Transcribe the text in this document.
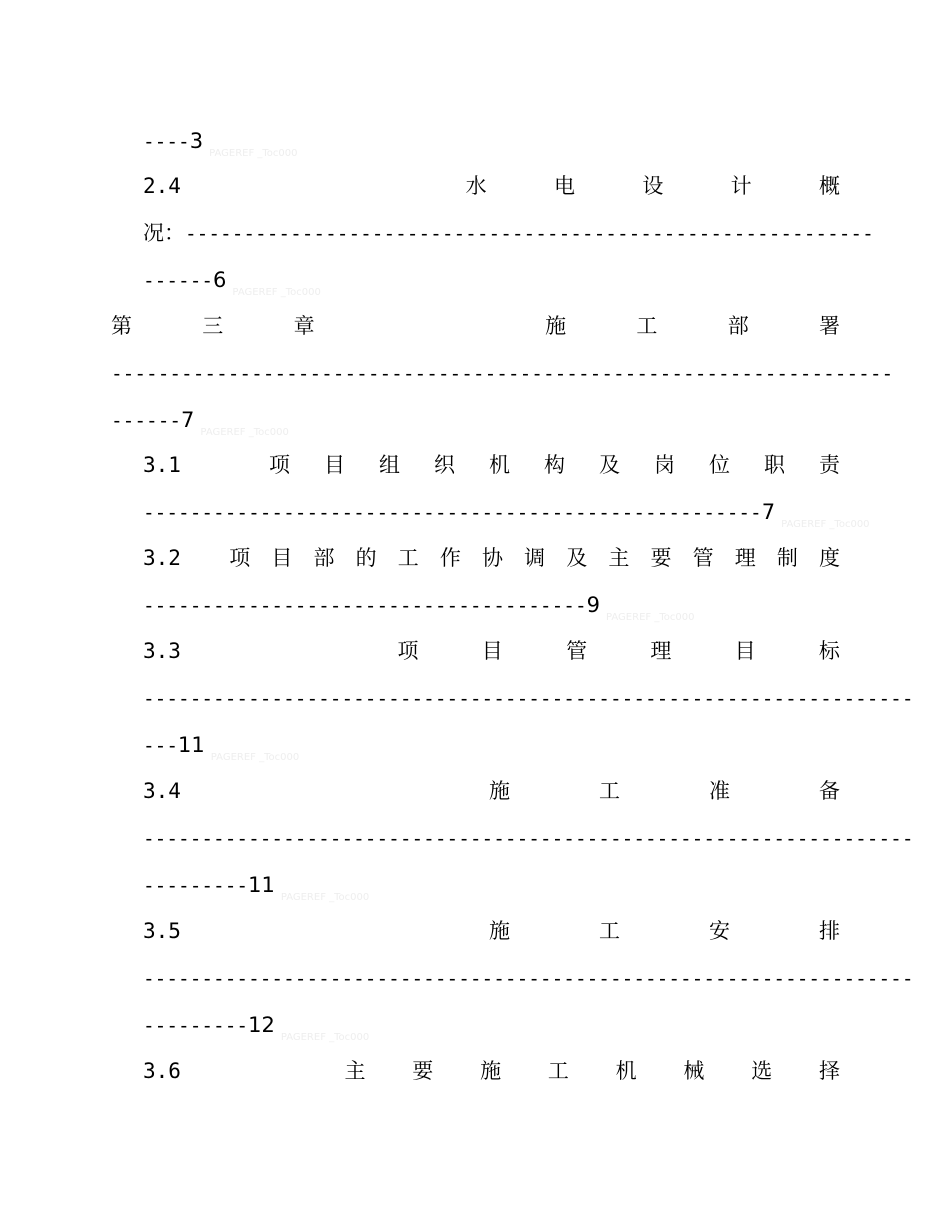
$----3_{PAGEREF \_Toc000}$
2.4	水	电	设	计	概
况：-----------------------------------------------------------
$------6_{PAGEREF \_Toc000}$
第	三	章	施	工	部	署
-------------------------------------------------------------------
$------7_{PAGEREF \_Toc000}$
3.1	项 目 组 织 机 构 及 岗 位 职 责
$-----------------------------------------------------7_{PAGEREF \_Toc000}$
3.2 项 目 部 的 工 作 协 调 及 主 要 管 理 制 度
$--------------------------------------9_{PAGEREF \_Toc000}$
3.3	项	目	管	理	目	标
------------------------------------------------------------------
$---11_{PAGEREF \_Toc000}$
3.4	施	工	准	备
------------------------------------------------------------------
$---------11_{PAGEREF \_Toc000}$
3.5	施	工	安	排
------------------------------------------------------------------
$---------12_{PAGEREF \_Toc000}$
3.6	主 要 施 工 机 械 选 择
